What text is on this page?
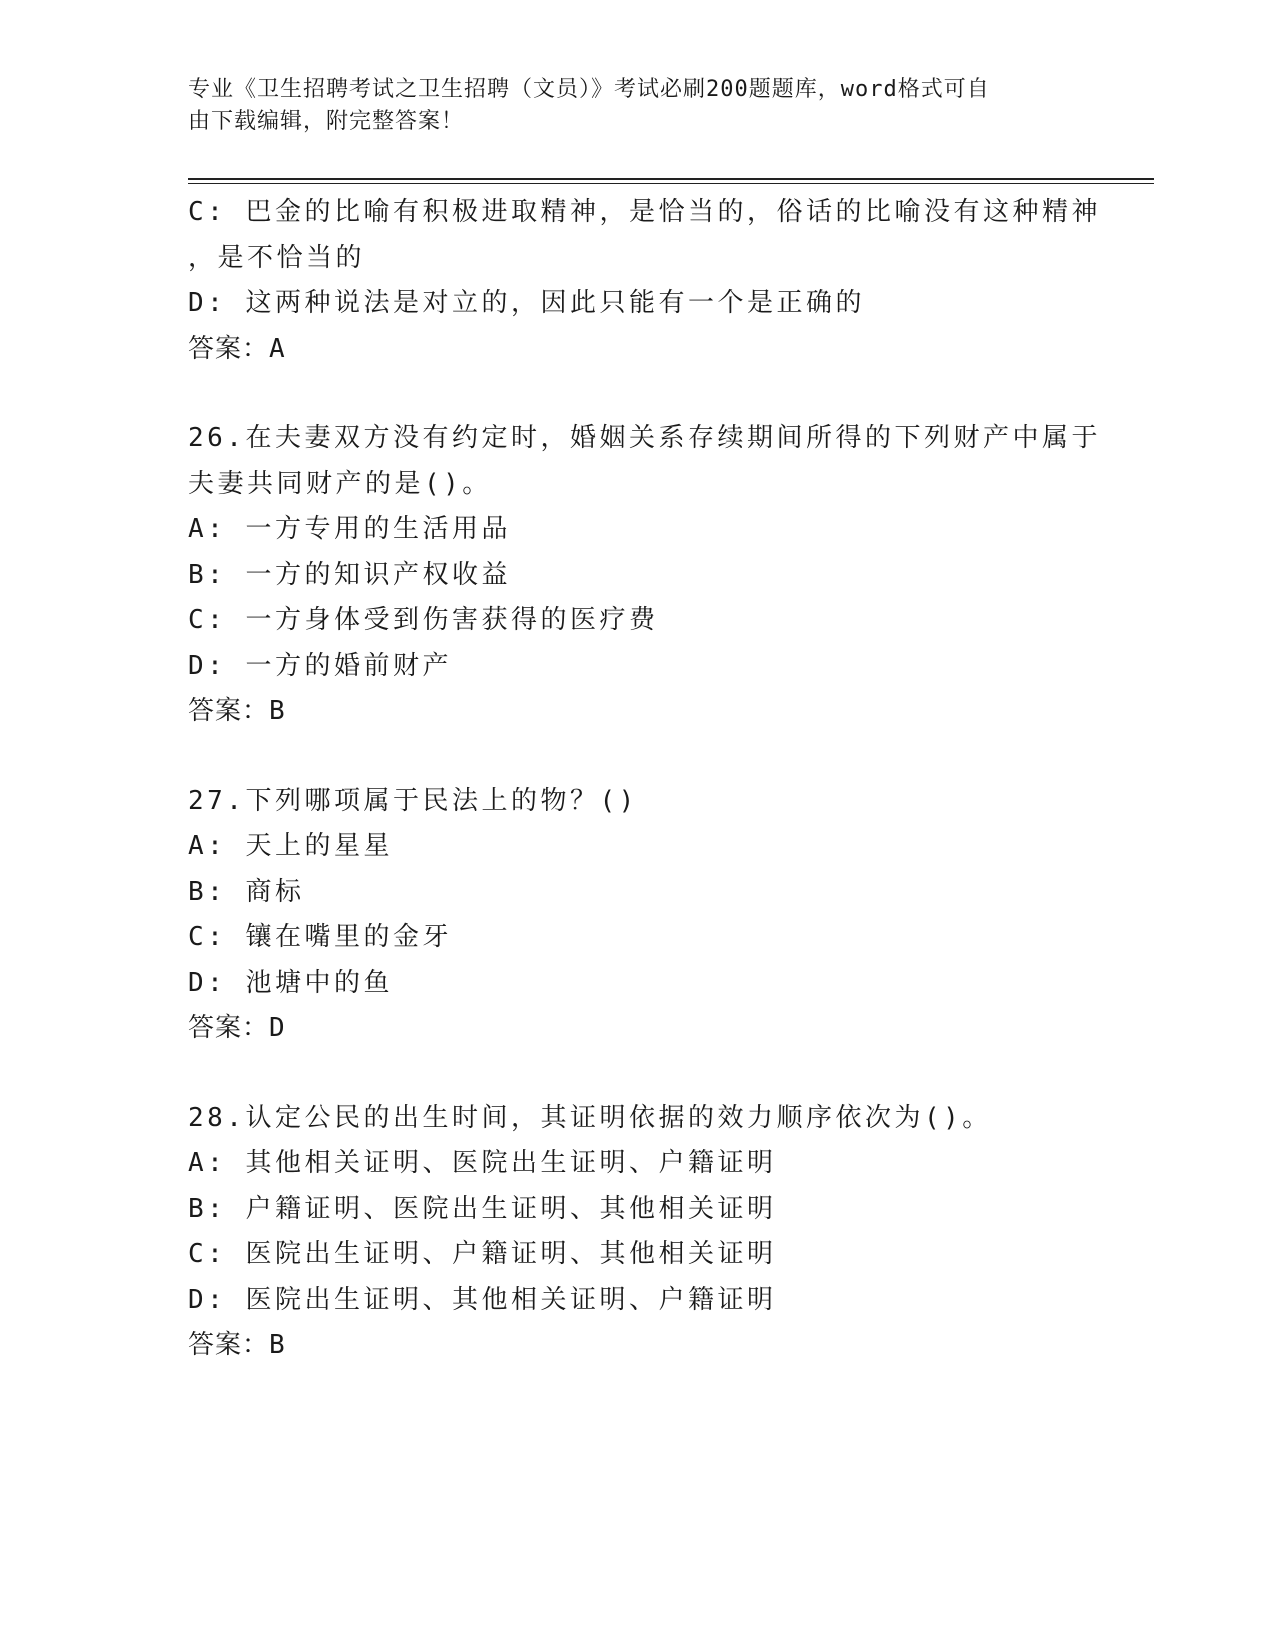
专业《卫生招聘考试之卫生招聘（文员）》考试必刷200题题库，word格式可自
由下载编辑，附完整答案！
C: 巴金的比喻有积极进取精神，是恰当的，俗话的比喻没有这种精神
，是不恰当的
D: 这两种说法是对立的，因此只能有一个是正确的
答案：A
26.在夫妻双方没有约定时，婚姻关系存续期间所得的下列财产中属于
夫妻共同财产的是()。
A: 一方专用的生活用品
B: 一方的知识产权收益
C: 一方身体受到伤害获得的医疗费
D: 一方的婚前财产
答案：B
27.下列哪项属于民法上的物？()
A: 天上的星星
B: 商标
C: 镶在嘴里的金牙
D: 池塘中的鱼
答案：D
28.认定公民的出生时间，其证明依据的效力顺序依次为()。
A: 其他相关证明、医院出生证明、户籍证明
B: 户籍证明、医院出生证明、其他相关证明
C: 医院出生证明、户籍证明、其他相关证明
D: 医院出生证明、其他相关证明、户籍证明
答案：B
